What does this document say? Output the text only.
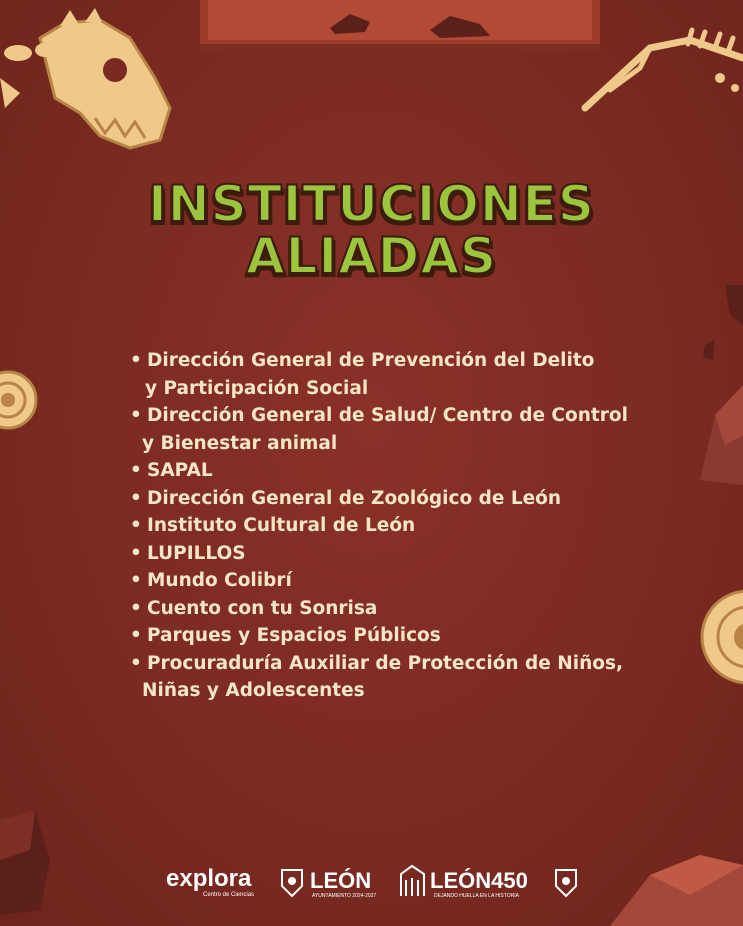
INSTITUCIONES
ALIADAS
• Dirección General de Prevención del Delito
y Participación Social
• Dirección General de Salud/ Centro de Control
y Bienestar animal
• SAPAL
• Dirección General de Zoológico de León
• Instituto Cultural de León
• LUPILLOS
• Mundo Colibrí
• Cuento con tu Sonrisa
• Parques y Espacios Públicos
• Procuraduría Auxiliar de Protección de Niños,
Niñas y Adolescentes
explora
Centro de Ciencias
LEÓN
AYUNTAMIENTO 2024-2027
LEÓN450
DEJANDO HUELLA EN LA HISTORIA
